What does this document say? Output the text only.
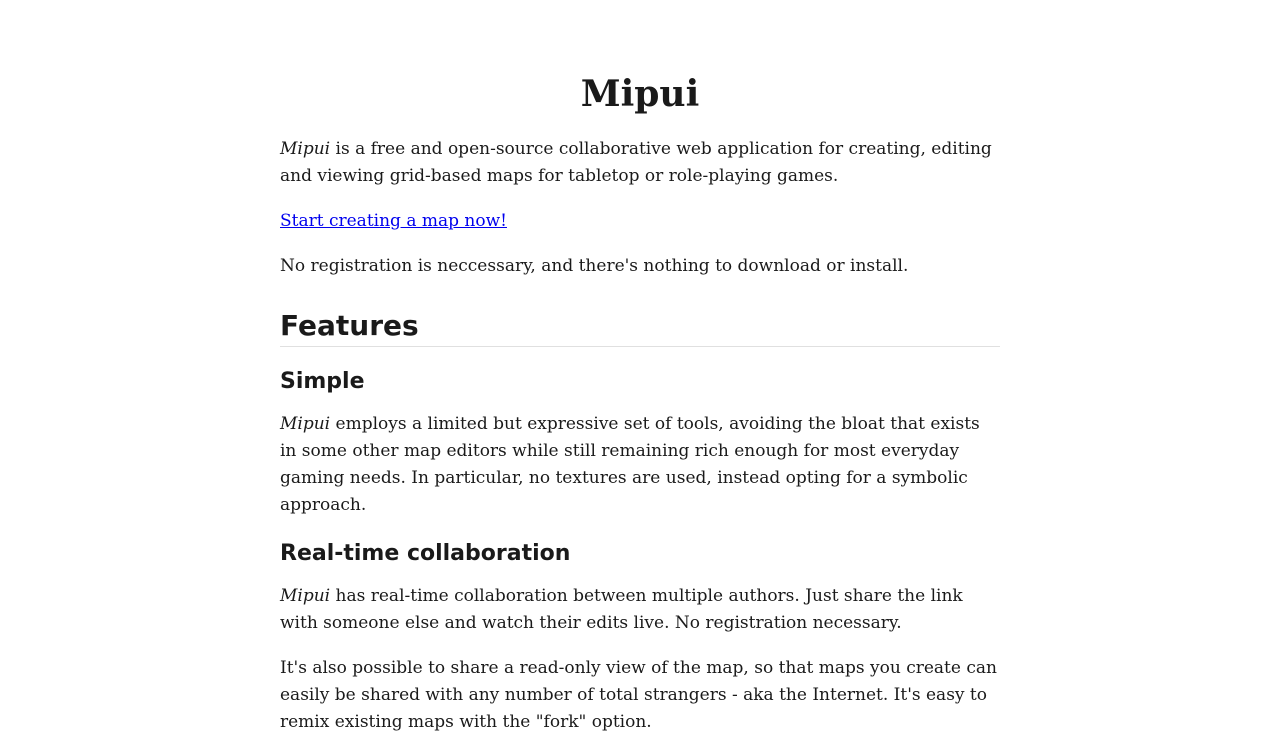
Mipui

Mipui is a free and open-source collaborative web application for creating, editing and viewing grid-based maps for tabletop or role-playing games.

Start creating a map now!

No registration is neccessary, and there's nothing to download or install.

Features
Simple

Mipui employs a limited but expressive set of tools, avoiding the bloat that exists in some other map editors while still remaining rich enough for most everyday gaming needs. In particular, no textures are used, instead opting for a symbolic approach.

Real-time collaboration

Mipui has real-time collaboration between multiple authors. Just share the link with someone else and watch their edits live. No registration necessary.

It's also possible to share a read-only view of the map, so that maps you create can easily be shared with any number of total strangers - aka the Internet. It's easy to remix existing maps with the "fork" option.
